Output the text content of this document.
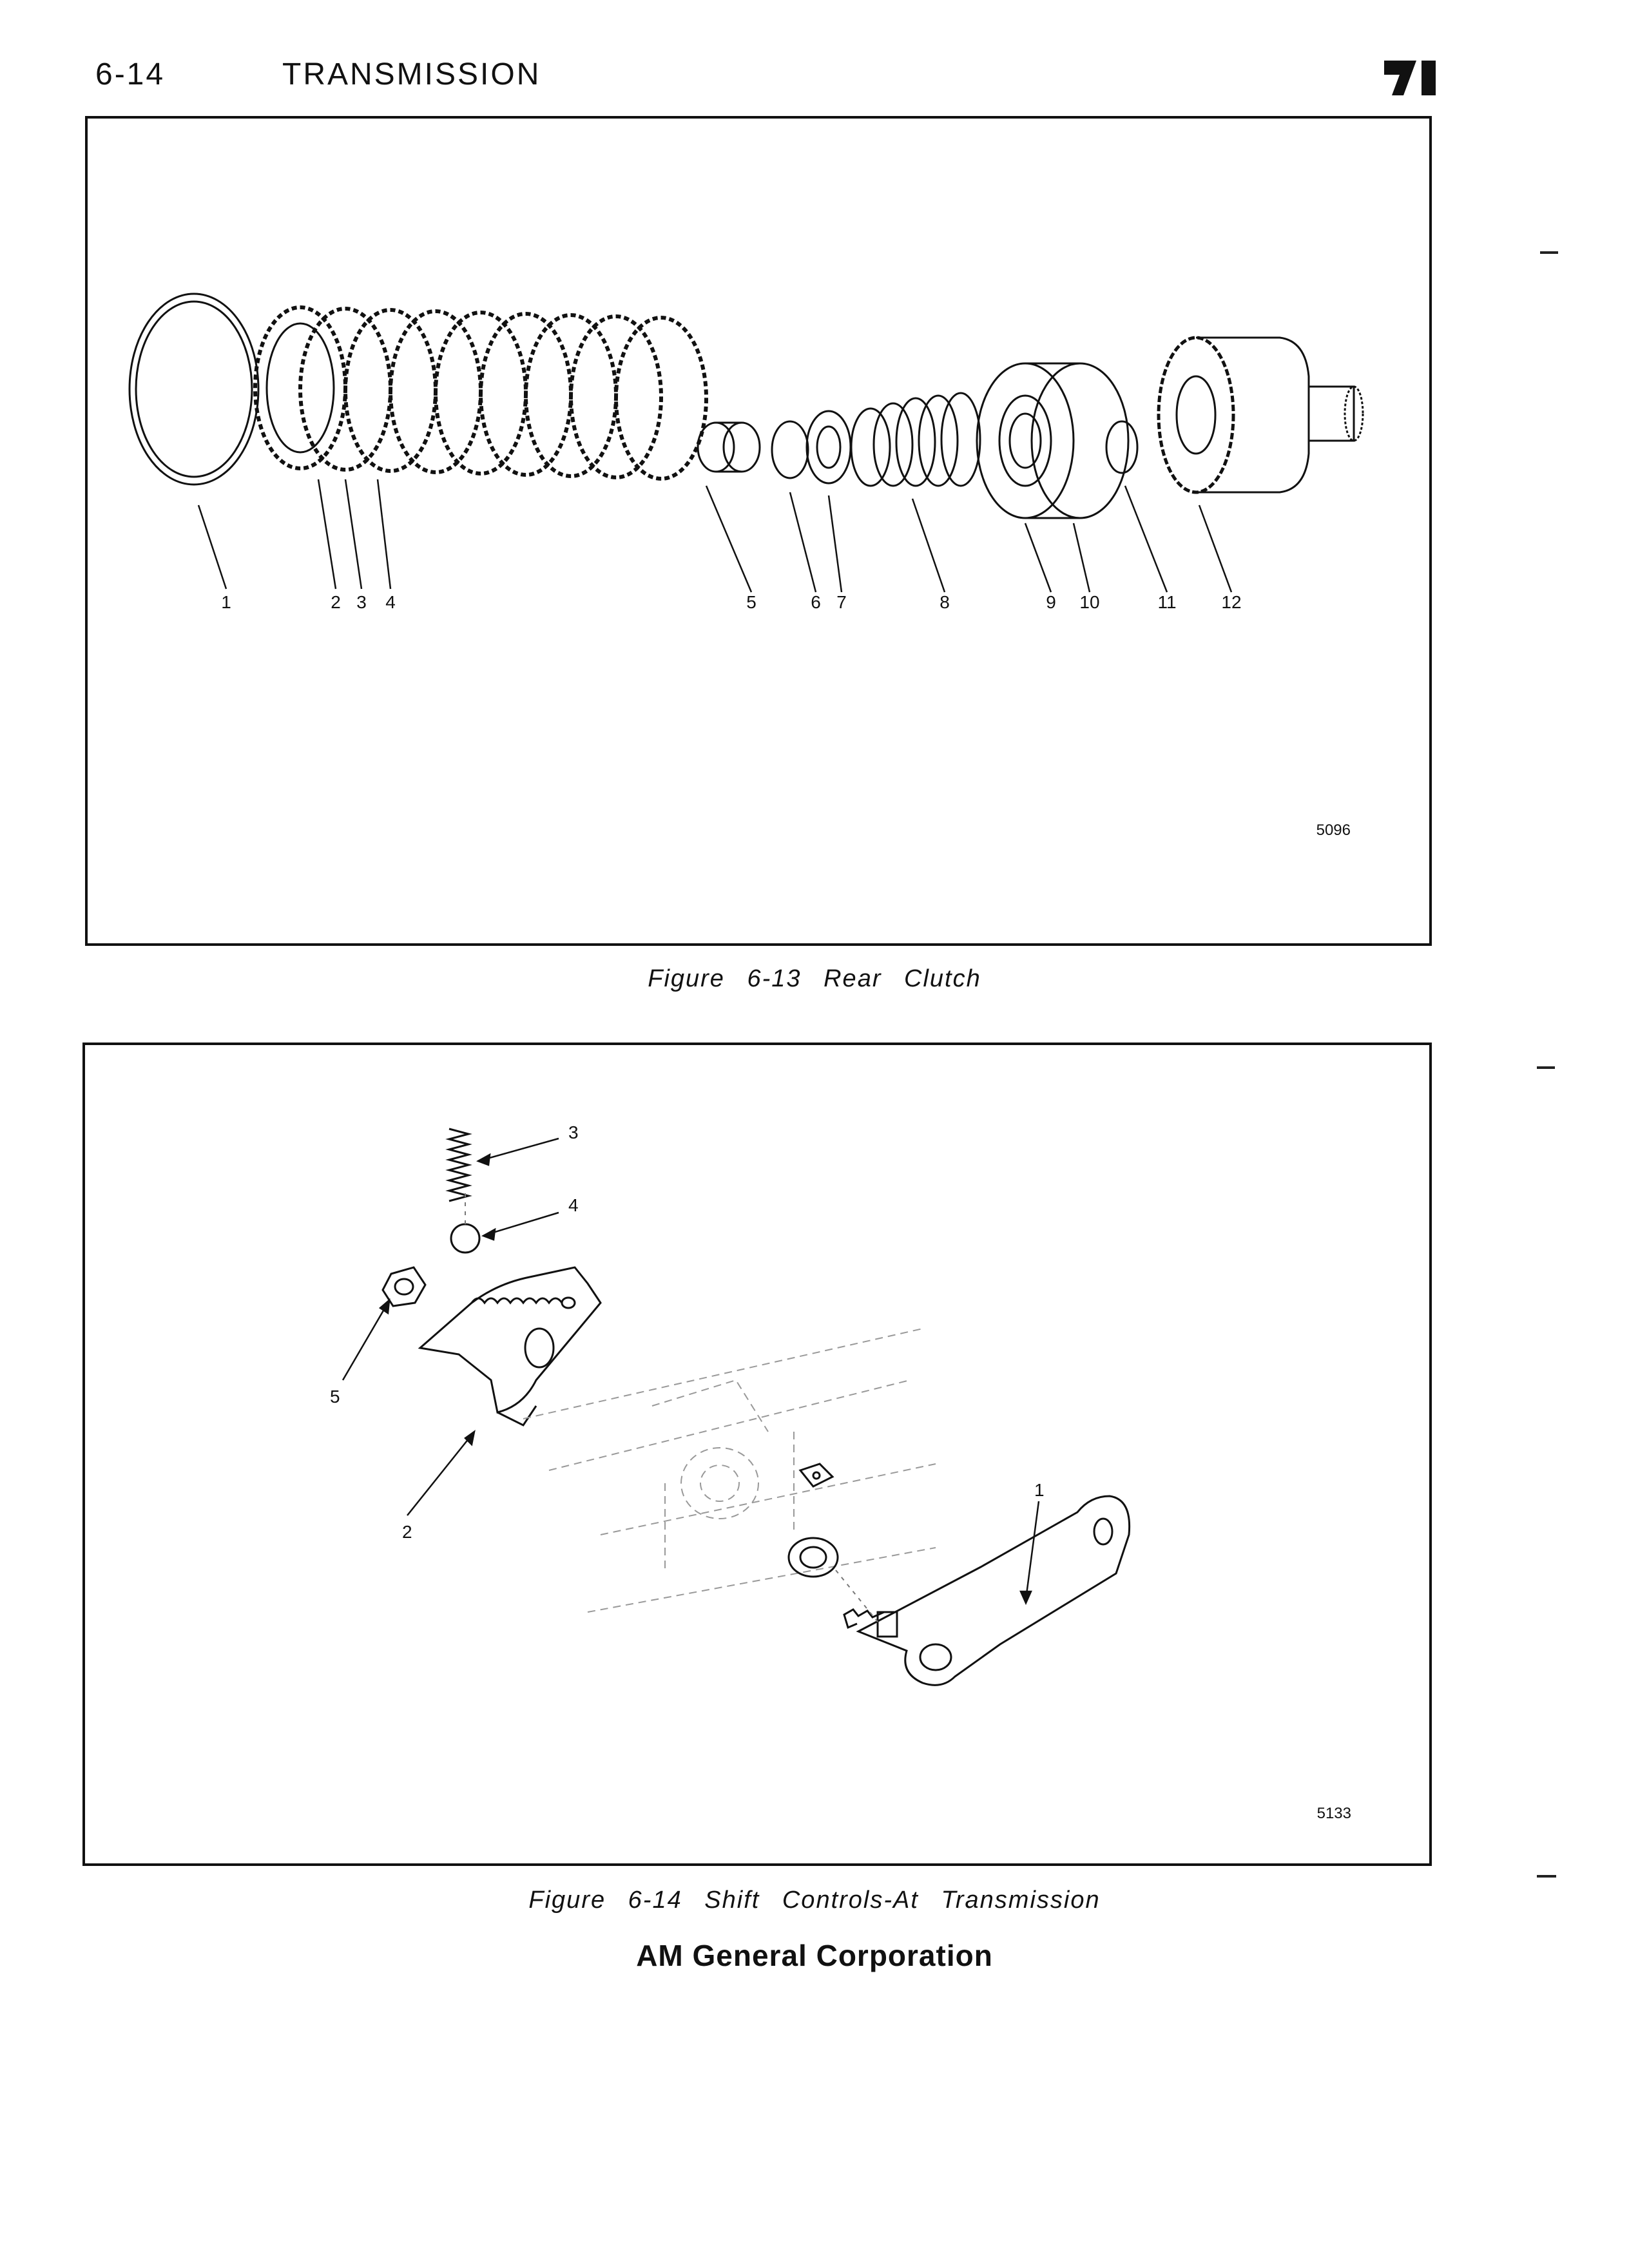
6-14	TRANSMISSION
1	2 3 4	5	6 7	8	9 10	11 12
5096
Figure 6-13 Rear Clutch
3
4
5
2
1
5133
Figure 6-14 Shift Controls-At Transmission
AM General Corporation
